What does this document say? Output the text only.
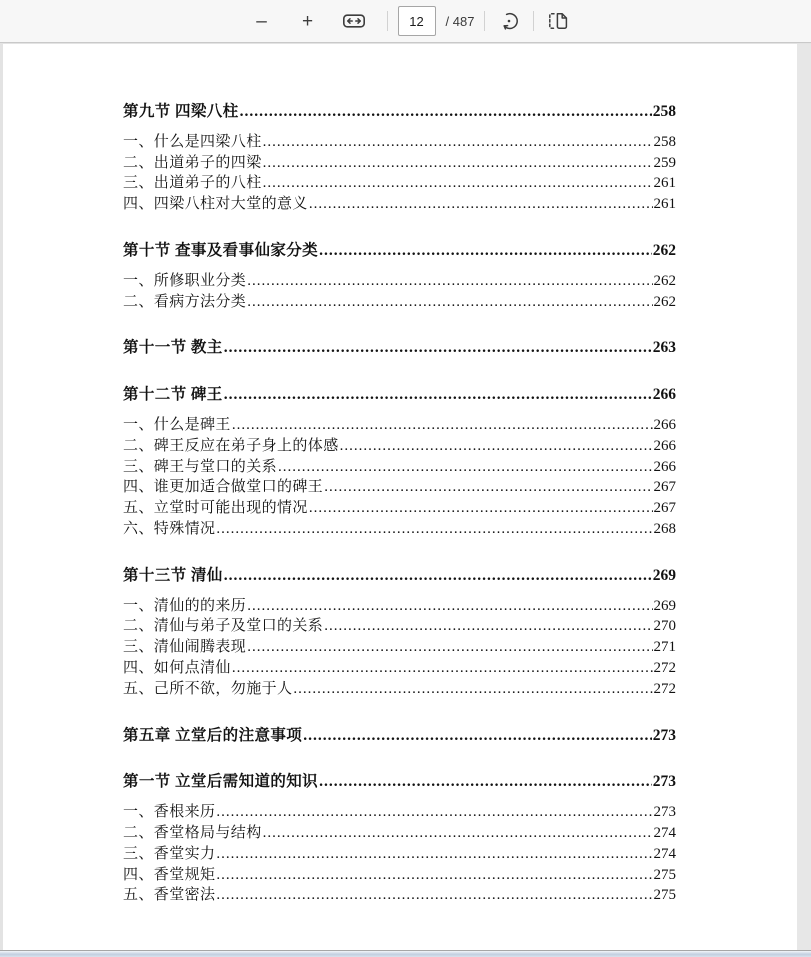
– +
12	/ 487
第九节 四梁八柱 .....	258
一、什么是四梁八柱 .....	258
二、出道弟子的四梁 .....	259
三、出道弟子的八柱 .....	261
四、四梁八柱对大堂的意义 .....	261
第十节 查事及看事仙家分类 .....	262
一、所修职业分类 .....	262
二、看病方法分类 .....	262
第十一节 教主 .....	263
第十二节 碑王 .....	266
一、什么是碑王 .....	266
二、碑王反应在弟子身上的体感 .....	266
三、碑王与堂口的关系 .....	266
四、谁更加适合做堂口的碑王 .....	267
五、立堂时可能出现的情况 .....	267
六、特殊情况 .....	268
第十三节 清仙 .....	269
一、清仙的的来历 .....	269
二、清仙与弟子及堂口的关系 .....	270
三、清仙闹腾表现 .....	271
四、如何点清仙 .....	272
五、己所不欲，勿施于人 .....	272
第五章 立堂后的注意事项 .....	273
第一节 立堂后需知道的知识 .....	273
一、香根来历 .....	273
二、香堂格局与结构 .....	274
三、香堂实力 .....	274
四、香堂规矩 .....	275
五、香堂密法 .....	275
